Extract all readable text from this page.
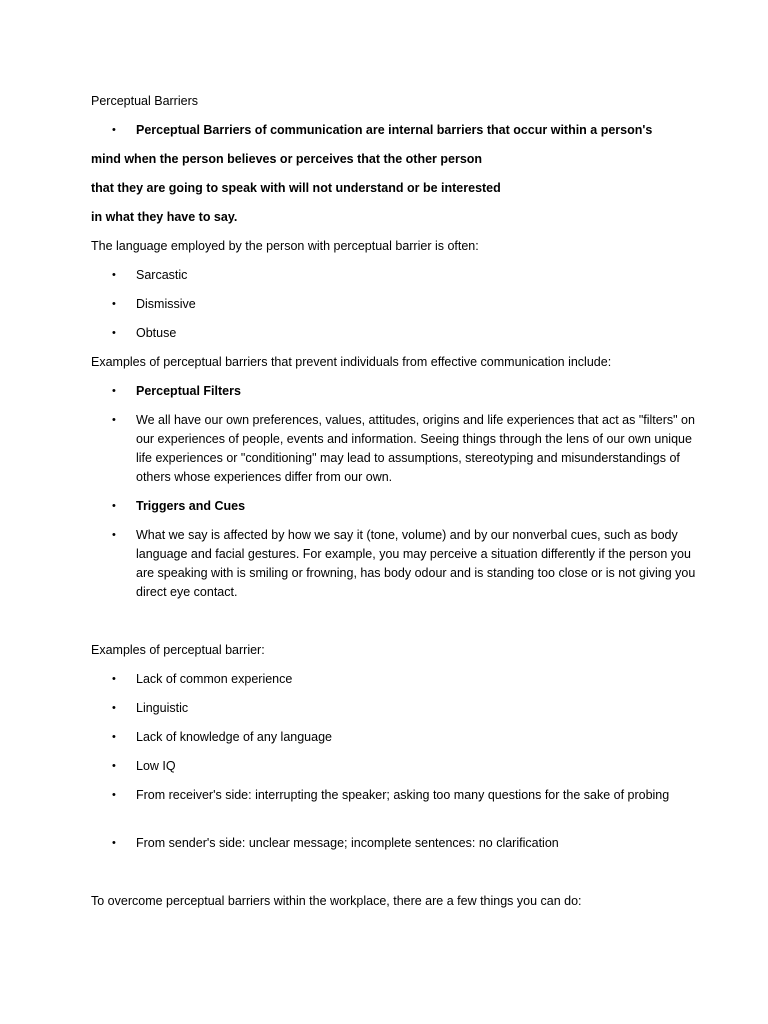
Perceptual Barriers
• Perceptual Barriers of communication are internal barriers that occur within a person's
mind when the person believes or perceives that the other person
that they are going to speak with will not understand or be interested
in what they have to say.
The language employed by the person with perceptual barrier is often:
• Sarcastic
• Dismissive
• Obtuse
Examples of perceptual barriers that prevent individuals from effective communication include:
• Perceptual Filters
• We all have our own preferences, values, attitudes, origins and life experiences that act as "filters" on our experiences of people, events and information. Seeing things through the lens of our own unique life experiences or "conditioning" may lead to assumptions, stereotyping and misunderstandings of others whose experiences differ from our own.
• Triggers and Cues
• What we say is affected by how we say it (tone, volume) and by our nonverbal cues, such as body language and facial gestures. For example, you may perceive a situation differently if the person you are speaking with is smiling or frowning, has body odour and is standing too close or is not giving you direct eye contact.
Examples of perceptual barrier:
• Lack of common experience
• Linguistic
• Lack of knowledge of any language
• Low IQ
• From receiver's side: interrupting the speaker; asking too many questions for the sake of probing
• From sender's side: unclear message; incomplete sentences: no clarification
To overcome perceptual barriers within the workplace, there are a few things you can do:
